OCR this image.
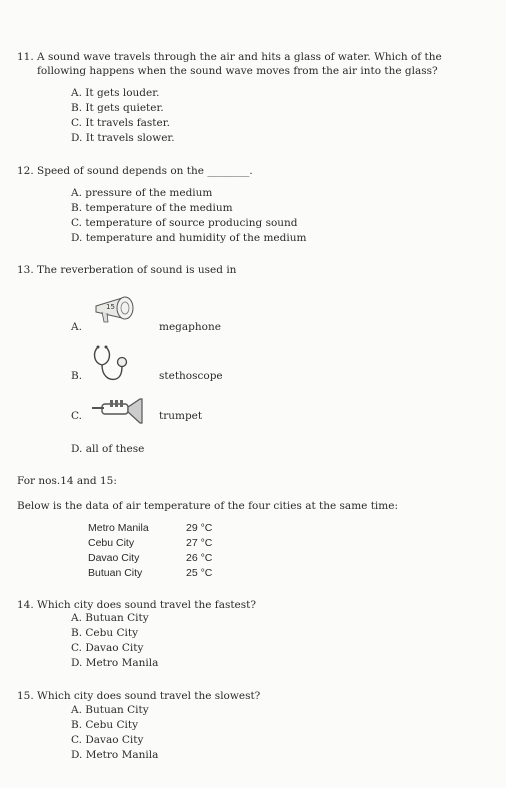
11. A sound wave travels through the air and hits a glass of water. Which of the
following happens when the sound wave moves from the air into the glass?
A. It gets louder.
B. It gets quieter.
C. It travels faster.
D. It travels slower.
12. Speed of sound depends on the ________.
A. pressure of the medium
B. temperature of the medium
C. temperature of source producing sound
D. temperature and humidity of the medium
13. The reverberation of sound is used in
A.
15
megaphone
B.	stethoscope
C.	trumpet
D. all of these
For nos.14 and 15:
Below is the data of air temperature of the four cities at the same time:
Metro Manila	29 °C
Cebu City	27 °C
Davao City	26 °C
Butuan City	25 °C
14. Which city does sound travel the fastest?
A. Butuan City
B. Cebu City
C. Davao City
D. Metro Manila
15. Which city does sound travel the slowest?
A. Butuan City
B. Cebu City
C. Davao City
D. Metro Manila
